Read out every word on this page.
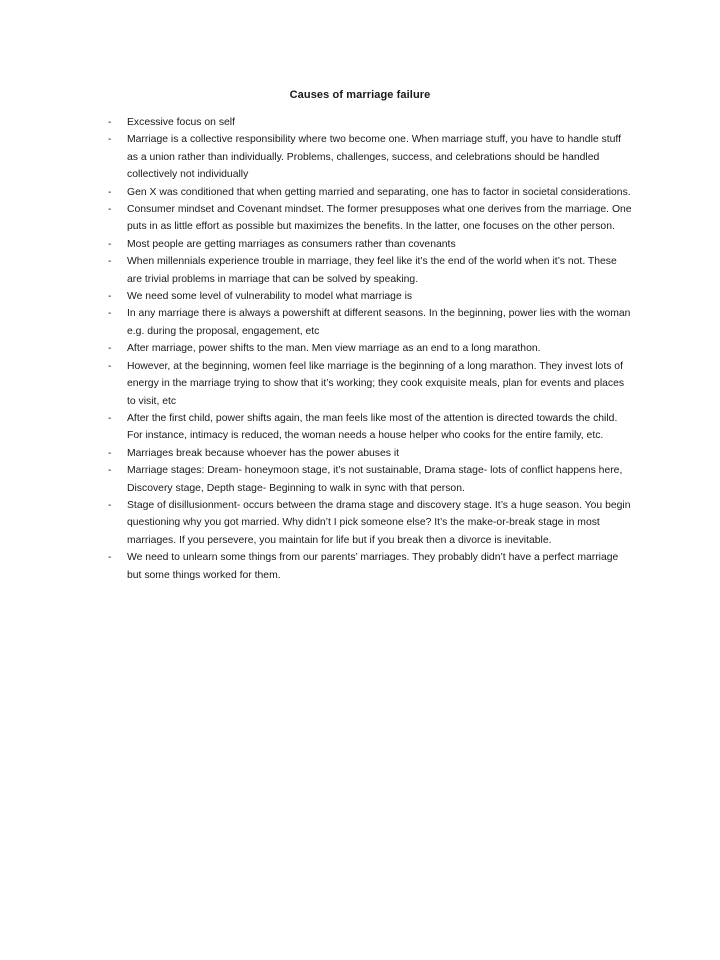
Causes of marriage failure
-	Excessive focus on self
-	Marriage is a collective responsibility where two become one. When marriage stuff, you have to handle stuff as a union rather than individually. Problems, challenges, success, and celebrations should be handled collectively not individually
-	Gen X was conditioned that when getting married and separating, one has to factor in societal considerations.
-	Consumer mindset and Covenant mindset. The former presupposes what one derives from the marriage. One puts in as little effort as possible but maximizes the benefits. In the latter, one focuses on the other person.
-	Most people are getting marriages as consumers rather than covenants
-	When millennials experience trouble in marriage, they feel like it’s the end of the world when it’s not. These are trivial problems in marriage that can be solved by speaking.
-	We need some level of vulnerability to model what marriage is
-	In any marriage there is always a powershift at different seasons. In the beginning, power lies with the woman e.g. during the proposal, engagement, etc
-	After marriage, power shifts to the man. Men view marriage as an end to a long marathon.
-	However, at the beginning, women feel like marriage is the beginning of a long marathon. They invest lots of energy in the marriage trying to show that it’s working; they cook exquisite meals, plan for events and places to visit, etc
-	After the first child, power shifts again, the man feels like most of the attention is directed towards the child. For instance, intimacy is reduced, the woman needs a house helper who cooks for the entire family, etc.
-	Marriages break because whoever has the power abuses it
-	Marriage stages: Dream- honeymoon stage, it’s not sustainable, Drama stage- lots of conflict happens here, Discovery stage, Depth stage- Beginning to walk in sync with that person.
-	Stage of disillusionment- occurs between the drama stage and discovery stage. It’s a huge season. You begin questioning why you got married. Why didn’t I pick someone else? It’s the make-or-break stage in most marriages. If you persevere, you maintain for life but if you break then a divorce is inevitable.
-	We need to unlearn some things from our parents’ marriages. They probably didn’t have a perfect marriage but some things worked for them.
